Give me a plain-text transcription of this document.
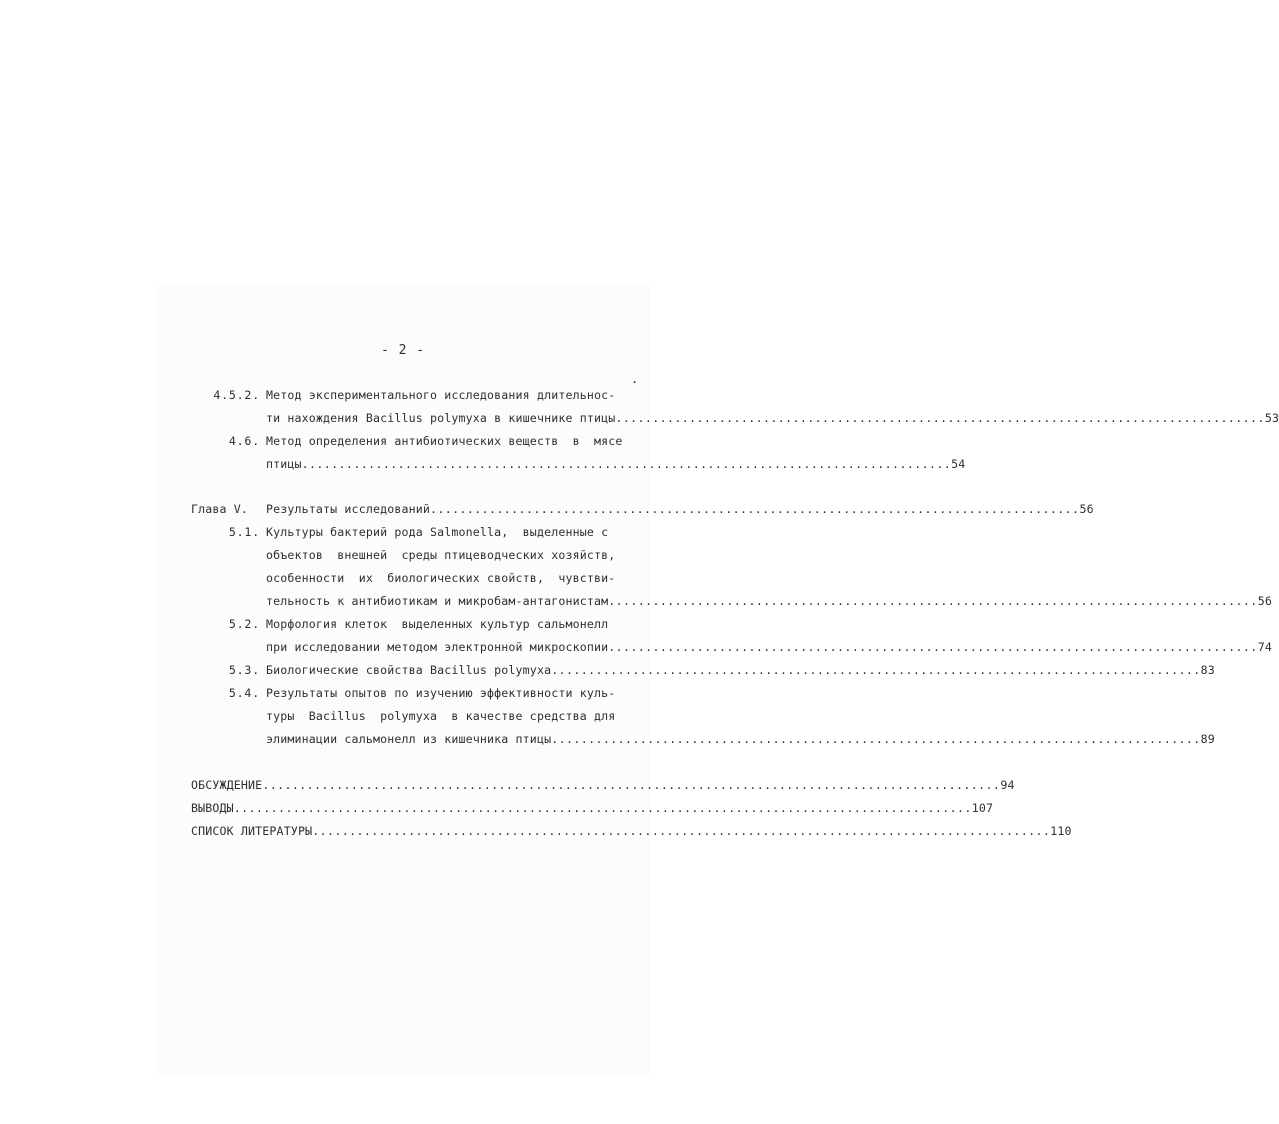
- 2 -
.
4.5.2. Метод экспериментального исследования длительнос-
ти нахождения Bacillus polymyxa в кишечнике птицы ........................................................................................ 53
4.6. Метод определения антибиотических веществ  в  мясе
птицы ........................................................................................ 54
Глава V. Результаты исследований ........................................................................................ 56
5.1. Культуры бактерий рода Salmonella,  выделенные с
объектов  внешней  среды птицеводческих хозяйств,
особенности  их  биологических свойств,  чувстви-
тельность к антибиотикам и микробам-антагонистам ........................................................................................ 56
5.2. Морфология клеток  выделенных культур сальмонелл
при исследовании методом электронной микроскопии ........................................................................................ 74
5.3. Биологические свойства Bacillus polymyxa ........................................................................................ 83
5.4. Результаты опытов по изучению эффективности куль-
туры  Bacillus  polymyxa  в качестве средства для
элиминации сальмонелл из кишечника птицы ........................................................................................ 89
ОБСУЖДЕНИЕ .................................................................................................... 94
ВЫВОДЫ .................................................................................................... 107
СПИСОК ЛИТЕРАТУРЫ .................................................................................................... 110
